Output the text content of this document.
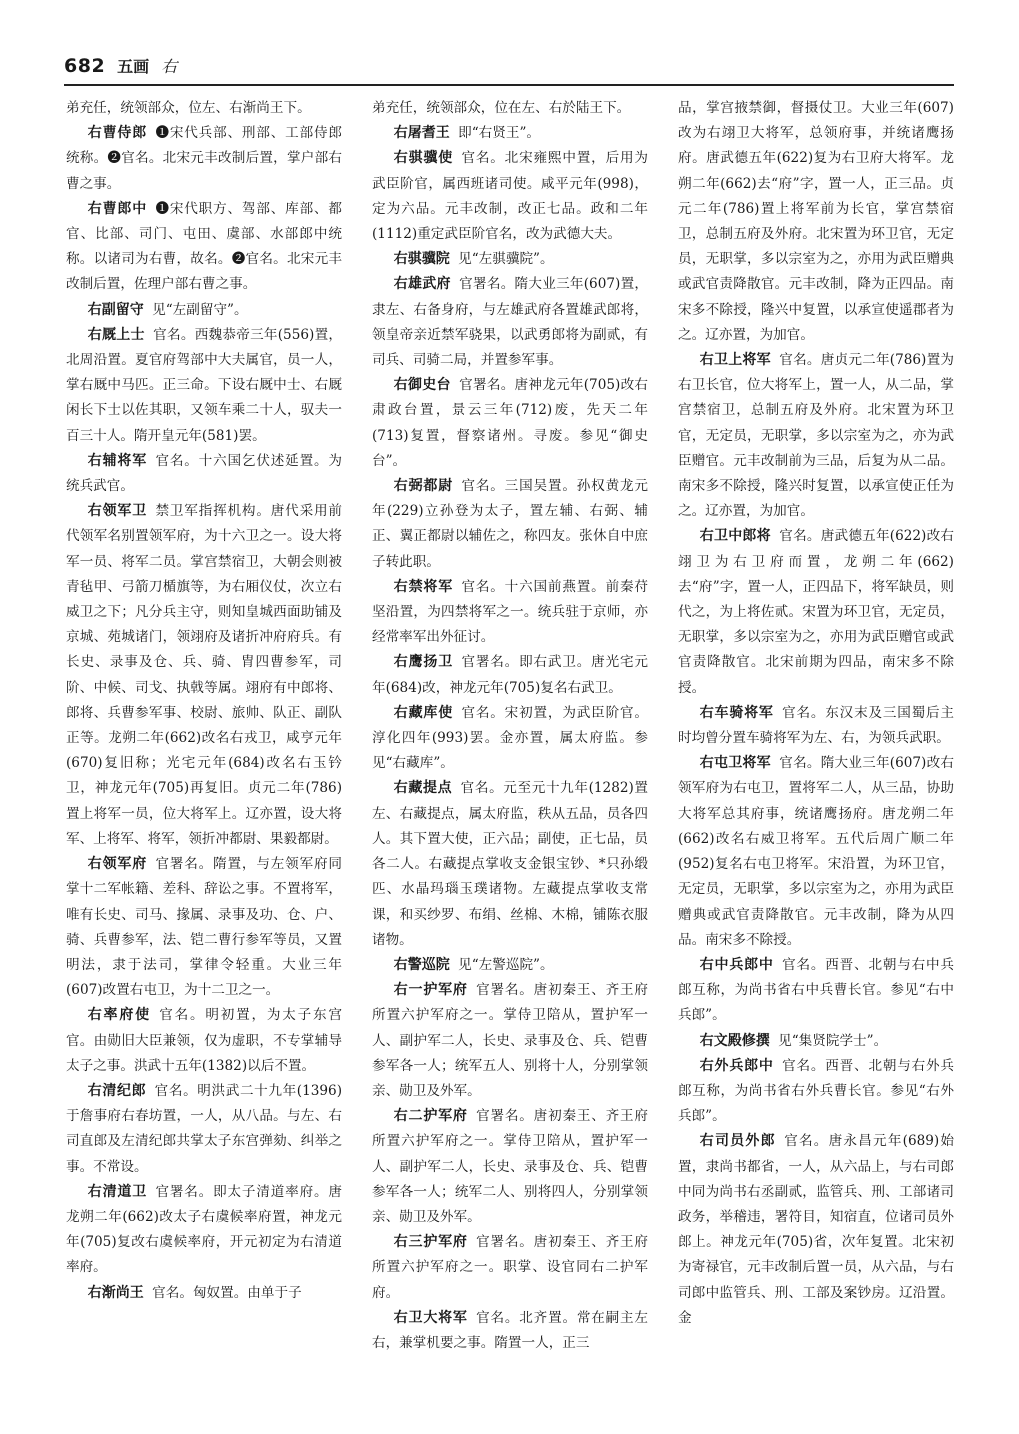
682 五画 右

弟充任，统领部众，位左、右渐尚王下。

右曹侍郎 ❶宋代兵部、刑部、工部侍郎统称。❷官名。北宋元丰改制后置，掌户部右曹之事。

右曹郎中 ❶宋代职方、驾部、库部、都官、比部、司门、屯田、虞部、水部郎中统称。以诸司为右曹，故名。❷官名。北宋元丰改制后置，佐理户部右曹之事。

右副留守 见“左副留守”。

右厩上士 官名。西魏恭帝三年(556)置，北周沿置。夏官府驾部中大夫属官，员一人，掌右厩中马匹。正三命。下设右厩中士、右厩闲长下士以佐其职，又领车乘二十人，驭夫一百三十人。隋开皇元年(581)罢。

右辅将军 官名。十六国乞伏述延置。为统兵武官。

右领军卫 禁卫军指挥机构。唐代采用前代领军名别置领军府，为十六卫之一。设大将军一员、将军二员。掌宫禁宿卫，大朝会则被青毡甲、弓箭刀楯旗等，为右厢仪仗，次立右威卫之下；凡分兵主守，则知皇城西面助铺及京城、苑城诸门，领翊府及诸折冲府府兵。有长史、录事及仓、兵、骑、胄四曹参军，司阶、中候、司戈、执戟等属。翊府有中郎将、郎将、兵曹参军事、校尉、旅帅、队正、副队正等。龙朔二年(662)改名右戎卫，咸亨元年(670)复旧称；光宅元年(684)改名右玉钤卫，神龙元年(705)再复旧。贞元二年(786)置上将军一员，位大将军上。辽亦置，设大将军、上将军、将军，领折冲都尉、果毅都尉。

右领军府 官署名。隋置，与左领军府同掌十二军帐籍、差科、辞讼之事。不置将军，唯有长史、司马、掾属、录事及功、仓、户、骑、兵曹参军，法、铠二曹行参军等员，又置明法，隶于法司，掌律令轻重。大业三年(607)改置右屯卫，为十二卫之一。

右率府使 官名。明初置，为太子东宫官。由勋旧大臣兼领，仅为虚职，不专掌辅导太子之事。洪武十五年(1382)以后不置。

右清纪郎 官名。明洪武二十九年(1396)于詹事府右春坊置，一人，从八品。与左、右司直郎及左清纪郎共掌太子东宫弹劾、纠举之事。不常设。

右清道卫 官署名。即太子清道率府。唐龙朔二年(662)改太子右虞候率府置，神龙元年(705)复改右虞候率府，开元初定为右清道率府。

右渐尚王 官名。匈奴置。由单于子

弟充任，统领部众，位在左、右於陆王下。

右屠耆王 即“右贤王”。

右骐骥使 官名。北宋雍熙中置，后用为武臣阶官，属西班诸司使。咸平元年(998)，定为六品。元丰改制，改正七品。政和二年(1112)重定武臣阶官名，改为武德大夫。

右骐骥院 见“左骐骥院”。

右雄武府 官署名。隋大业三年(607)置，隶左、右备身府，与左雄武府各置雄武郎将，领皇帝亲近禁军骁果，以武勇郎将为副贰，有司兵、司骑二局，并置参军事。

右御史台 官署名。唐神龙元年(705)改右肃政台置，景云三年(712)废，先天二年(713)复置，督察诸州。寻废。参见“御史台”。

右弼都尉 官名。三国吴置。孙权黄龙元年(229)立孙登为太子，置左辅、右弼、辅正、翼正都尉以辅佐之，称四友。张休自中庶子转此职。

右禁将军 官名。十六国前燕置。前秦苻坚沿置，为四禁将军之一。统兵驻于京师，亦经常率军出外征讨。

右鹰扬卫 官署名。即右武卫。唐光宅元年(684)改，神龙元年(705)复名右武卫。

右藏库使 官名。宋初置，为武臣阶官。淳化四年(993)罢。金亦置，属太府监。参见“右藏库”。

右藏提点 官名。元至元十九年(1282)置左、右藏提点，属太府监，秩从五品，员各四人。其下置大使，正六品；副使，正七品，员各二人。右藏提点掌收支金银宝钞、*只孙缎匹、水晶玛瑙玉璞诸物。左藏提点掌收支常课，和买纱罗、布绢、丝棉、木棉，铺陈衣服诸物。

右警巡院 见“左警巡院”。

右一护军府 官署名。唐初秦王、齐王府所置六护军府之一。掌侍卫陪从，置护军一人、副护军二人，长史、录事及仓、兵、铠曹参军各一人；统军五人、别将十人，分别掌领亲、勋卫及外军。

右二护军府 官署名。唐初秦王、齐王府所置六护军府之一。掌侍卫陪从，置护军一人、副护军二人，长史、录事及仓、兵、铠曹参军各一人；统军二人、别将四人，分别掌领亲、勋卫及外军。

右三护军府 官署名。唐初秦王、齐王府所置六护军府之一。职掌、设官同右二护军府。

右卫大将军 官名。北齐置。常在嗣主左右，兼掌机要之事。隋置一人，正三

品，掌宫掖禁御，督摄仗卫。大业三年(607)改为右翊卫大将军，总领府事，并统诸鹰扬府。唐武德五年(622)复为右卫府大将军。龙朔二年(662)去“府”字，置一人，正三品。贞元二年(786)置上将军前为长官，掌宫禁宿卫，总制五府及外府。北宋置为环卫官，无定员，无职掌，多以宗室为之，亦用为武臣赠典或武官责降散官。元丰改制，降为正四品。南宋多不除授，隆兴中复置，以承宣使遥郡者为之。辽亦置，为加官。

右卫上将军 官名。唐贞元二年(786)置为右卫长官，位大将军上，置一人，从二品，掌宫禁宿卫，总制五府及外府。北宋置为环卫官，无定员，无职掌，多以宗室为之，亦为武臣赠官。元丰改制前为三品，后复为从二品。南宋多不除授，隆兴时复置，以承宣使正任为之。辽亦置，为加官。

右卫中郎将 官名。唐武德五年(622)改右翊卫为右卫府而置，龙朔二年(662)去“府”字，置一人，正四品下，将军缺员，则代之，为上将佐贰。宋置为环卫官，无定员，无职掌，多以宗室为之，亦用为武臣赠官或武官责降散官。北宋前期为四品，南宋多不除授。

右车骑将军 官名。东汉末及三国蜀后主时均曾分置车骑将军为左、右，为领兵武职。

右屯卫将军 官名。隋大业三年(607)改右领军府为右屯卫，置将军二人，从三品，协助大将军总其府事，统诸鹰扬府。唐龙朔二年(662)改名右威卫将军。五代后周广顺二年(952)复名右屯卫将军。宋沿置，为环卫官，无定员，无职掌，多以宗室为之，亦用为武臣赠典或武官责降散官。元丰改制，降为从四品。南宋多不除授。

右中兵郎中 官名。西晋、北朝与右中兵郎互称，为尚书省右中兵曹长官。参见“右中兵郎”。

右文殿修撰 见“集贤院学士”。

右外兵郎中 官名。西晋、北朝与右外兵郎互称，为尚书省右外兵曹长官。参见“右外兵郎”。

右司员外郎 官名。唐永昌元年(689)始置，隶尚书都省，一人，从六品上，与右司郎中同为尚书右丞副贰，监管兵、刑、工部诸司政务，举稽违，署符目，知宿直，位诸司员外郎上。神龙元年(705)省，次年复置。北宋初为寄禄官，元丰改制后置一员，从六品，与右司郎中监管兵、刑、工部及案钞房。辽沿置。金
